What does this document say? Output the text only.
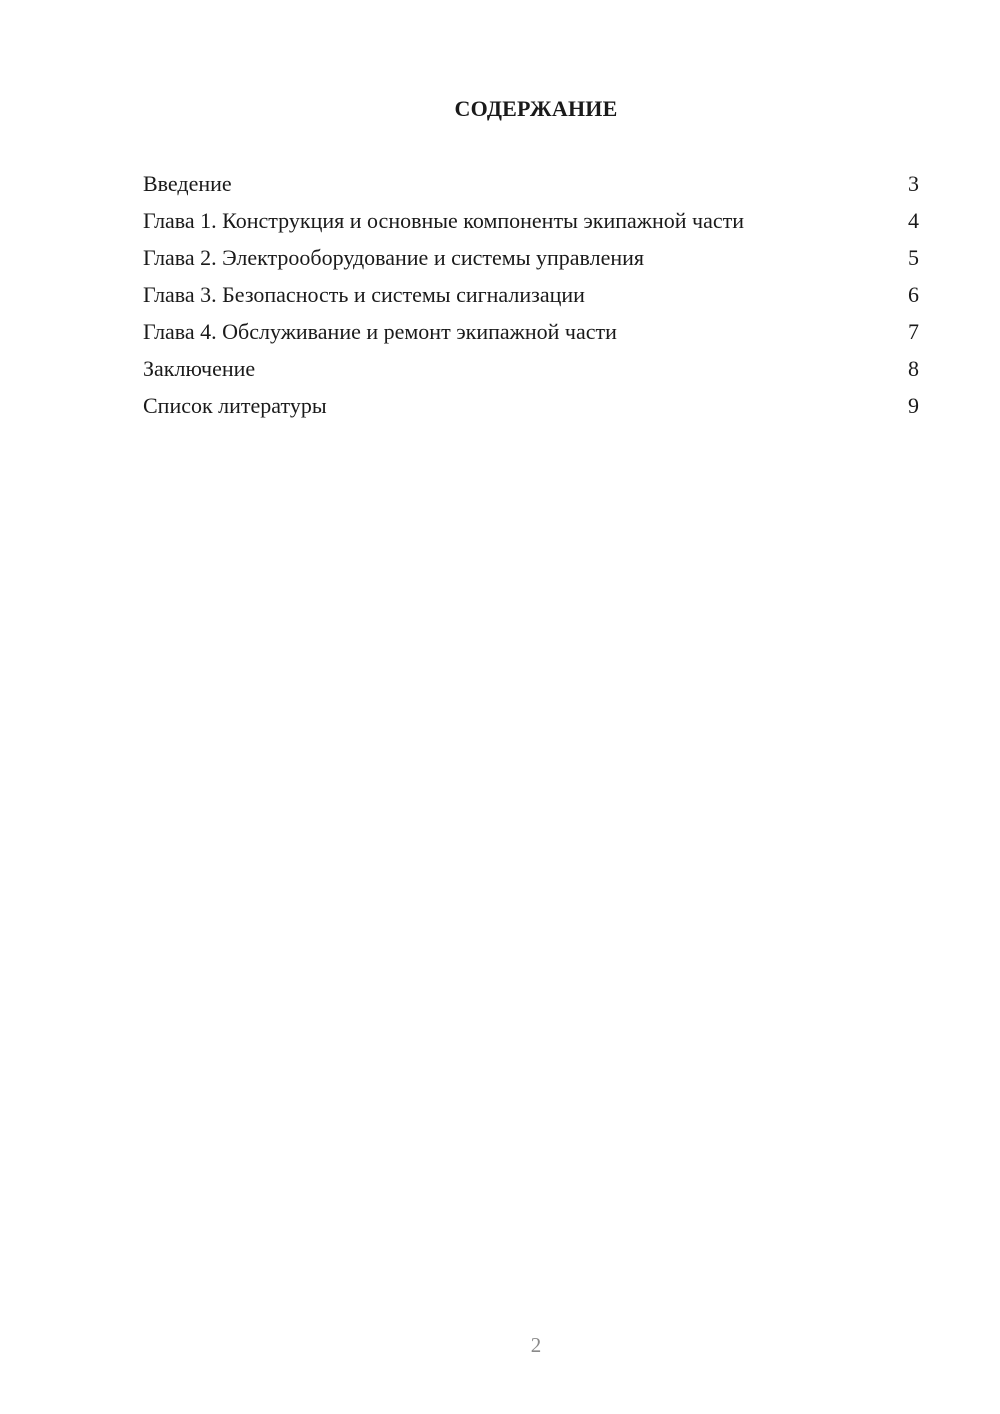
СОДЕРЖАНИЕ
Введение	3
Глава 1. Конструкция и основные компоненты экипажной части	4
Глава 2. Электрооборудование и системы управления	5
Глава 3. Безопасность и системы сигнализации	6
Глава 4. Обслуживание и ремонт экипажной части	7
Заключение	8
Список литературы	9
2
